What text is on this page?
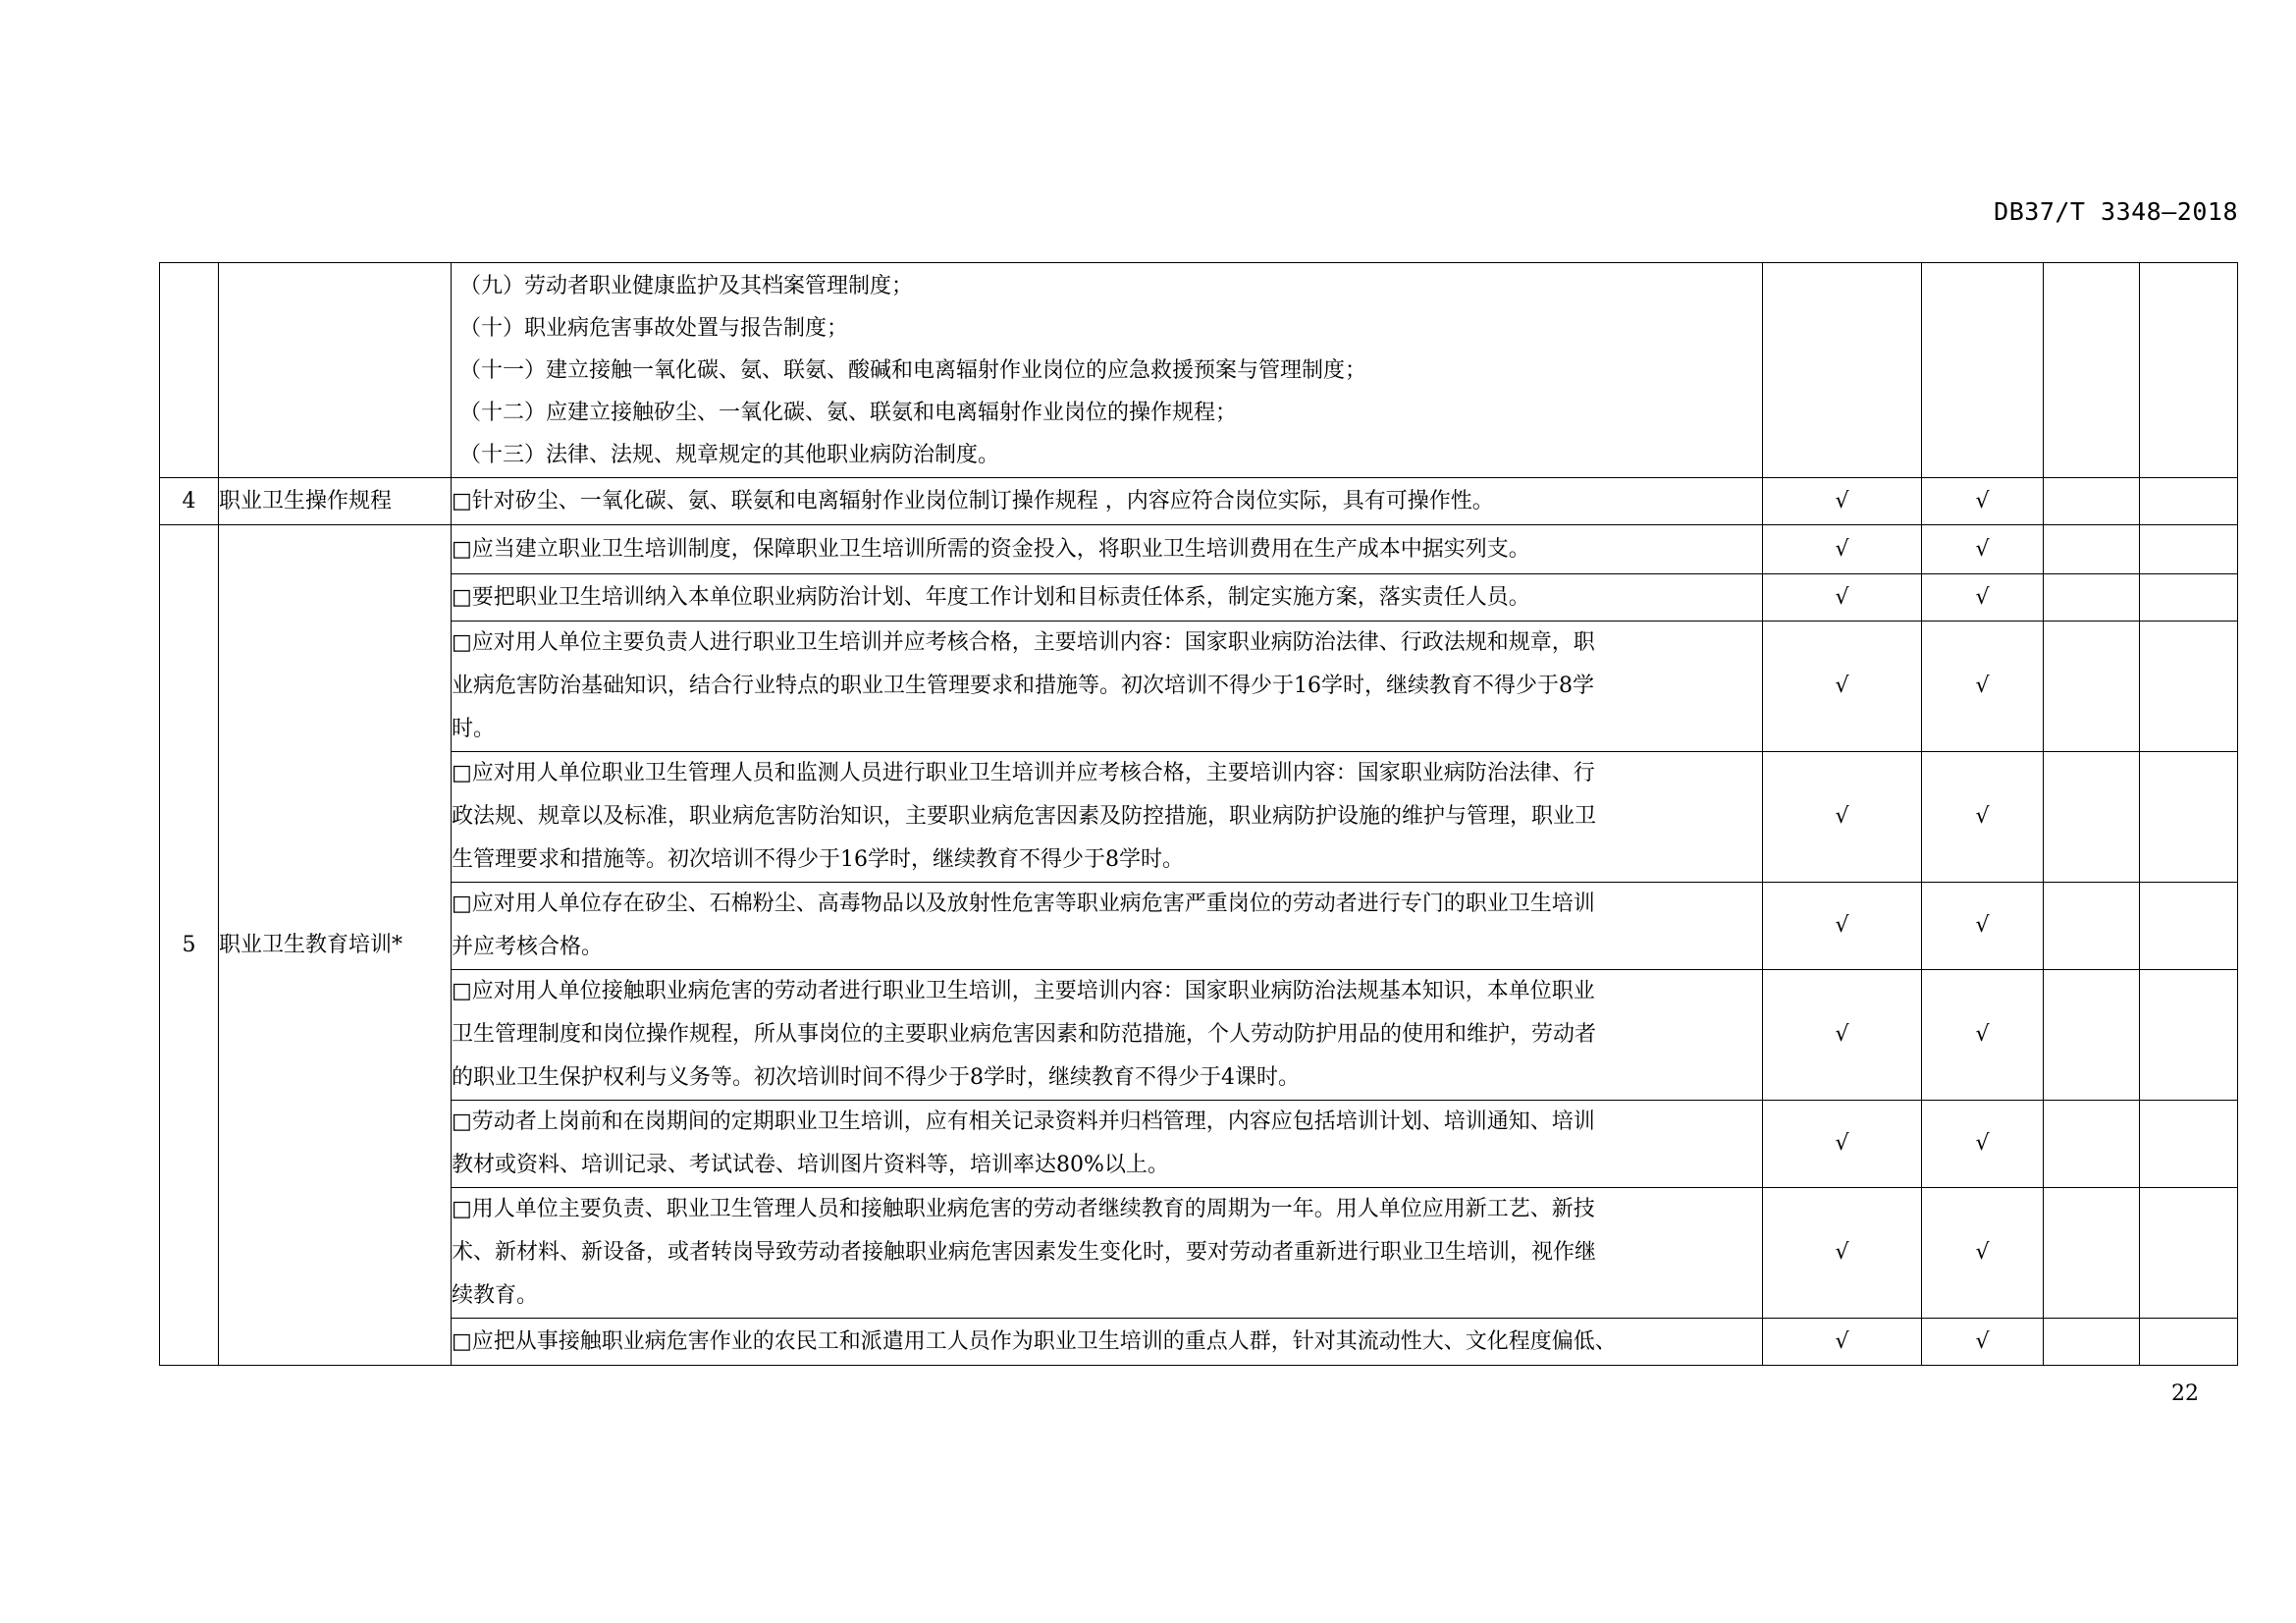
DB37/T 3348—2018

		（九）劳动者职业健康监护及其档案管理制度；
（十）职业病危害事故处置与报告制度；
（十一）建立接触一氧化碳、氨、联氨、酸碱和电离辐射作业岗位的应急救援预案与管理制度；
（十二）应建立接触矽尘、一氧化碳、氨、联氨和电离辐射作业岗位的操作规程；
（十三）法律、法规、规章规定的其他职业病防治制度。				

4	职业卫生操作规程	□针对矽尘、一氧化碳、氨、联氨和电离辐射作业岗位制订操作规程 ，内容应符合岗位实际，具有可操作性。	√	√		
5	职业卫生教育培训*	□应当建立职业卫生培训制度，保障职业卫生培训所需的资金投入，将职业卫生培训费用在生产成本中据实列支。	√	√		

		□要把职业卫生培训纳入本单位职业病防治计划、年度工作计划和目标责任体系，制定实施方案，落实责任人员。	√	√		

		□应对用人单位主要负责人进行职业卫生培训并应考核合格，主要培训内容：国家职业病防治法律、行政法规和规章，职
业病危害防治基础知识，结合行业特点的职业卫生管理要求和措施等。初次培训不得少于16学时，继续教育不得少于8学
时。	√	√		

		□应对用人单位职业卫生管理人员和监测人员进行职业卫生培训并应考核合格，主要培训内容：国家职业病防治法律、行
政法规、规章以及标准，职业病危害防治知识，主要职业病危害因素及防控措施，职业病防护设施的维护与管理，职业卫
生管理要求和措施等。初次培训不得少于16学时，继续教育不得少于8学时。	√	√		

		□应对用人单位存在矽尘、石棉粉尘、高毒物品以及放射性危害等职业病危害严重岗位的劳动者进行专门的职业卫生培训
并应考核合格。	√	√		

		□应对用人单位接触职业病危害的劳动者进行职业卫生培训，主要培训内容：国家职业病防治法规基本知识，本单位职业
卫生管理制度和岗位操作规程，所从事岗位的主要职业病危害因素和防范措施，个人劳动防护用品的使用和维护，劳动者
的职业卫生保护权利与义务等。初次培训时间不得少于8学时，继续教育不得少于4课时。	√	√		

		□劳动者上岗前和在岗期间的定期职业卫生培训，应有相关记录资料并归档管理，内容应包括培训计划、培训通知、培训
教材或资料、培训记录、考试试卷、培训图片资料等，培训率达80%以上。	√	√		

		□用人单位主要负责、职业卫生管理人员和接触职业病危害的劳动者继续教育的周期为一年。用人单位应用新工艺、新技
术、新材料、新设备，或者转岗导致劳动者接触职业病危害因素发生变化时，要对劳动者重新进行职业卫生培训，视作继
续教育。	√	√		

		□应把从事接触职业病危害作业的农民工和派遣用工人员作为职业卫生培训的重点人群，针对其流动性大、文化程度偏低、	√	√		
22
